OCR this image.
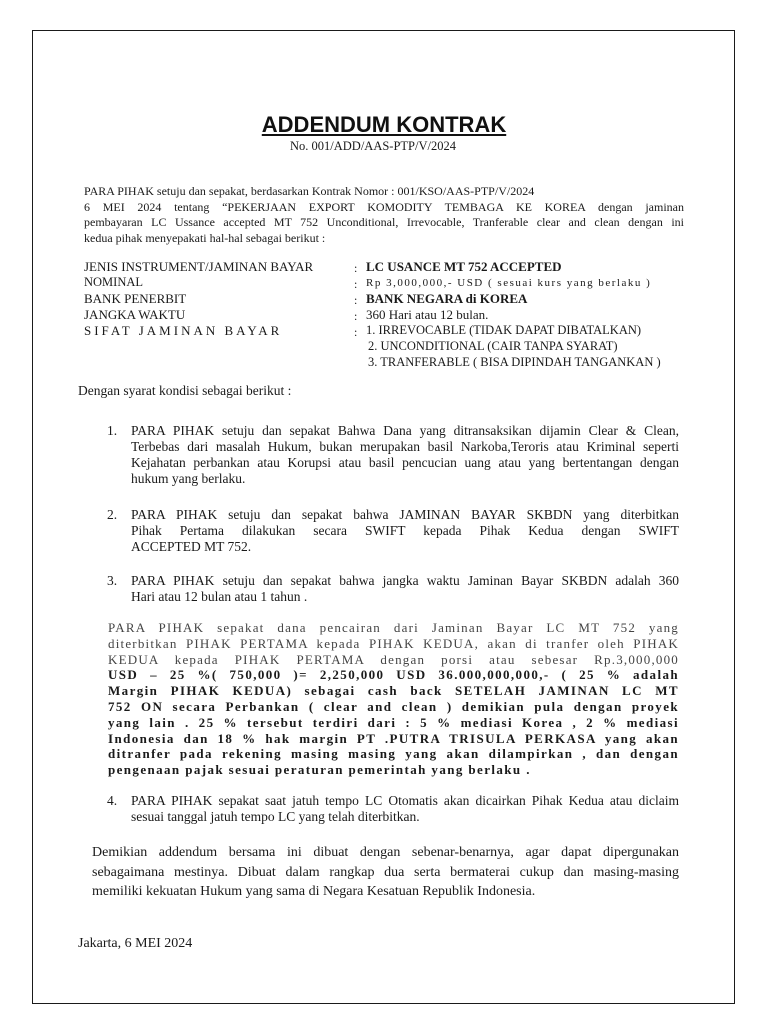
ADDENDUM KONTRAK
No. 001/ADD/AAS-PTP/V/2024
PARA PIHAK setuju dan sepakat, berdasarkan Kontrak Nomor : 001/KSO/AAS-PTP/V/2024
6 MEI 2024 tentang “PEKERJAAN EXPORT KOMODITY TEMBAGA KE KOREA dengan jaminan
pembayaran LC Ussance accepted MT 752 Unconditional, Irrevocable, Tranferable clear and clean dengan ini
kedua pihak menyepakati hal-hal sebagai berikut :
JENIS INSTRUMENT/JAMINAN BAYAR	: LC USANCE MT 752 ACCEPTED
NOMINAL	: Rp 3,000,000,- USD ( sesuai kurs yang berlaku )
BANK PENERBIT	: BANK NEGARA di KOREA
JANGKA WAKTU	: 360 Hari atau 12 bulan.
SIFAT JAMINAN BAYAR	: 1. IRREVOCABLE (TIDAK DAPAT DIBATALKAN)
2. UNCONDITIONAL (CAIR TANPA SYARAT)
3. TRANFERABLE ( BISA DIPINDAH TANGANKAN )
Dengan syarat kondisi sebagai berikut :
1. PARA PIHAK setuju dan sepakat Bahwa Dana yang ditransaksikan dijamin Clear & Clean,
Terbebas dari masalah Hukum, bukan merupakan basil Narkoba,Teroris atau Kriminal seperti
Kejahatan perbankan atau Korupsi atau basil pencucian uang atau yang bertentangan dengan
hukum yang berlaku.
2. PARA PIHAK setuju dan sepakat bahwa JAMINAN BAYAR SKBDN yang diterbitkan
Pihak Pertama dilakukan secara SWIFT kepada Pihak Kedua dengan SWIFT
ACCEPTED MT 752.
3. PARA PIHAK setuju dan sepakat bahwa jangka waktu Jaminan Bayar SKBDN adalah 360
Hari atau 12 bulan atau 1 tahun .
PARA PIHAK sepakat dana pencairan dari Jaminan Bayar LC MT 752 yang
diterbitkan PIHAK PERTAMA kepada PIHAK KEDUA, akan di tranfer oleh PIHAK
KEDUA kepada PIHAK PERTAMA dengan porsi atau sebesar Rp.3,000,000
USD – 25 %( 750,000 )= 2,250,000 USD 36.000,000,000,- ( 25 % adalah
Margin PIHAK KEDUA) sebagai cash back SETELAH JAMINAN LC MT
752 ON secara Perbankan ( clear and clean ) demikian pula dengan proyek
yang lain . 25 % tersebut terdiri dari : 5 % mediasi Korea , 2 % mediasi
Indonesia dan 18 % hak margin PT .PUTRA TRISULA PERKASA yang akan
ditranfer pada rekening masing masing yang akan dilampirkan , dan dengan
pengenaan pajak sesuai peraturan pemerintah yang berlaku .
4. PARA PIHAK sepakat saat jatuh tempo LC Otomatis akan dicairkan Pihak Kedua atau diclaim
sesuai tanggal jatuh tempo LC yang telah diterbitkan.
Demikian addendum bersama ini dibuat dengan sebenar-benarnya, agar dapat dipergunakan
sebagaimana mestinya. Dibuat dalam rangkap dua serta bermaterai cukup dan masing-masing
memiliki kekuatan Hukum yang sama di Negara Kesatuan Republik Indonesia.
Jakarta, 6 MEI 2024
